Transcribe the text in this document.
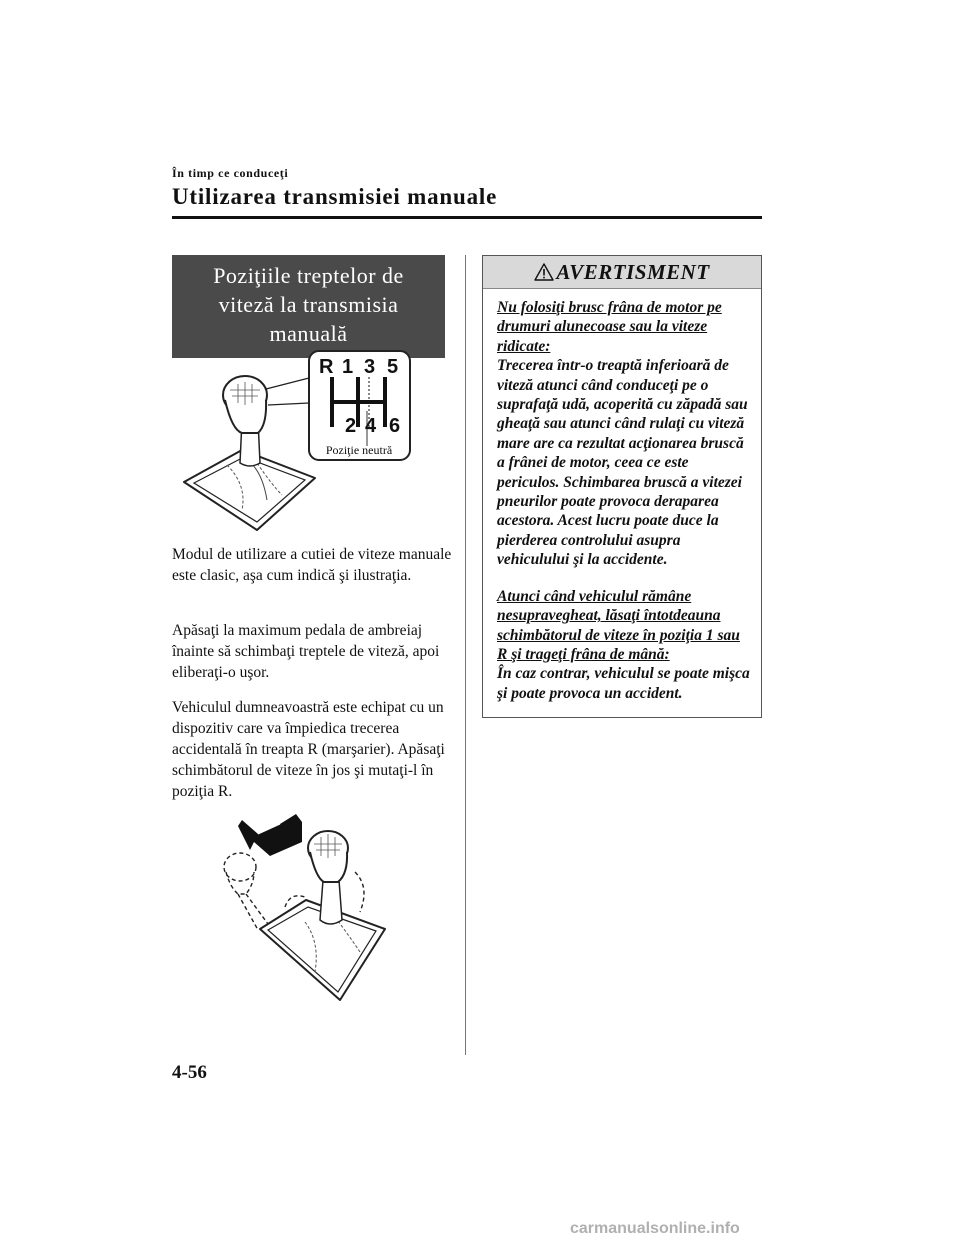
În timp ce conduceţi
Utilizarea transmisiei manuale
Poziţiile treptelor de
viteză la transmisia
manuală
R 1 3 5
2 4 6
Poziţie neutră
Modul de utilizare a cutiei de viteze manuale este clasic, aşa cum indică şi ilustraţia.
Apăsaţi la maximum pedala de ambreiaj înainte să schimbaţi treptele de viteză, apoi eliberaţi-o uşor.
Vehiculul dumneavoastră este echipat cu un dispozitiv care va împiedica trecerea accidentală în treapta R (marşarier). Apăsaţi schimbătorul de viteze în jos şi mutaţi-l în poziţia R.
AVERTISMENT
Nu folosiţi brusc frâna de motor pe drumuri alunecoase sau la viteze ridicate:
Trecerea într-o treaptă inferioară de viteză atunci când conduceţi pe o suprafaţă udă, acoperită cu zăpadă sau gheaţă sau atunci când rulaţi cu viteză mare are ca rezultat acţionarea bruscă a frânei de motor, ceea ce este periculos. Schimbarea bruscă a vitezei pneurilor poate provoca deraparea acestora. Acest lucru poate duce la pierderea controlului asupra vehiculului şi la accidente.
Atunci când vehiculul rămâne nesupravegheat, lăsaţi întotdeauna schimbătorul de viteze în poziţia 1 sau R şi trageţi frâna de mână:
În caz contrar, vehiculul se poate mişca şi poate provoca un accident.
4-56
carmanualsonline.info
